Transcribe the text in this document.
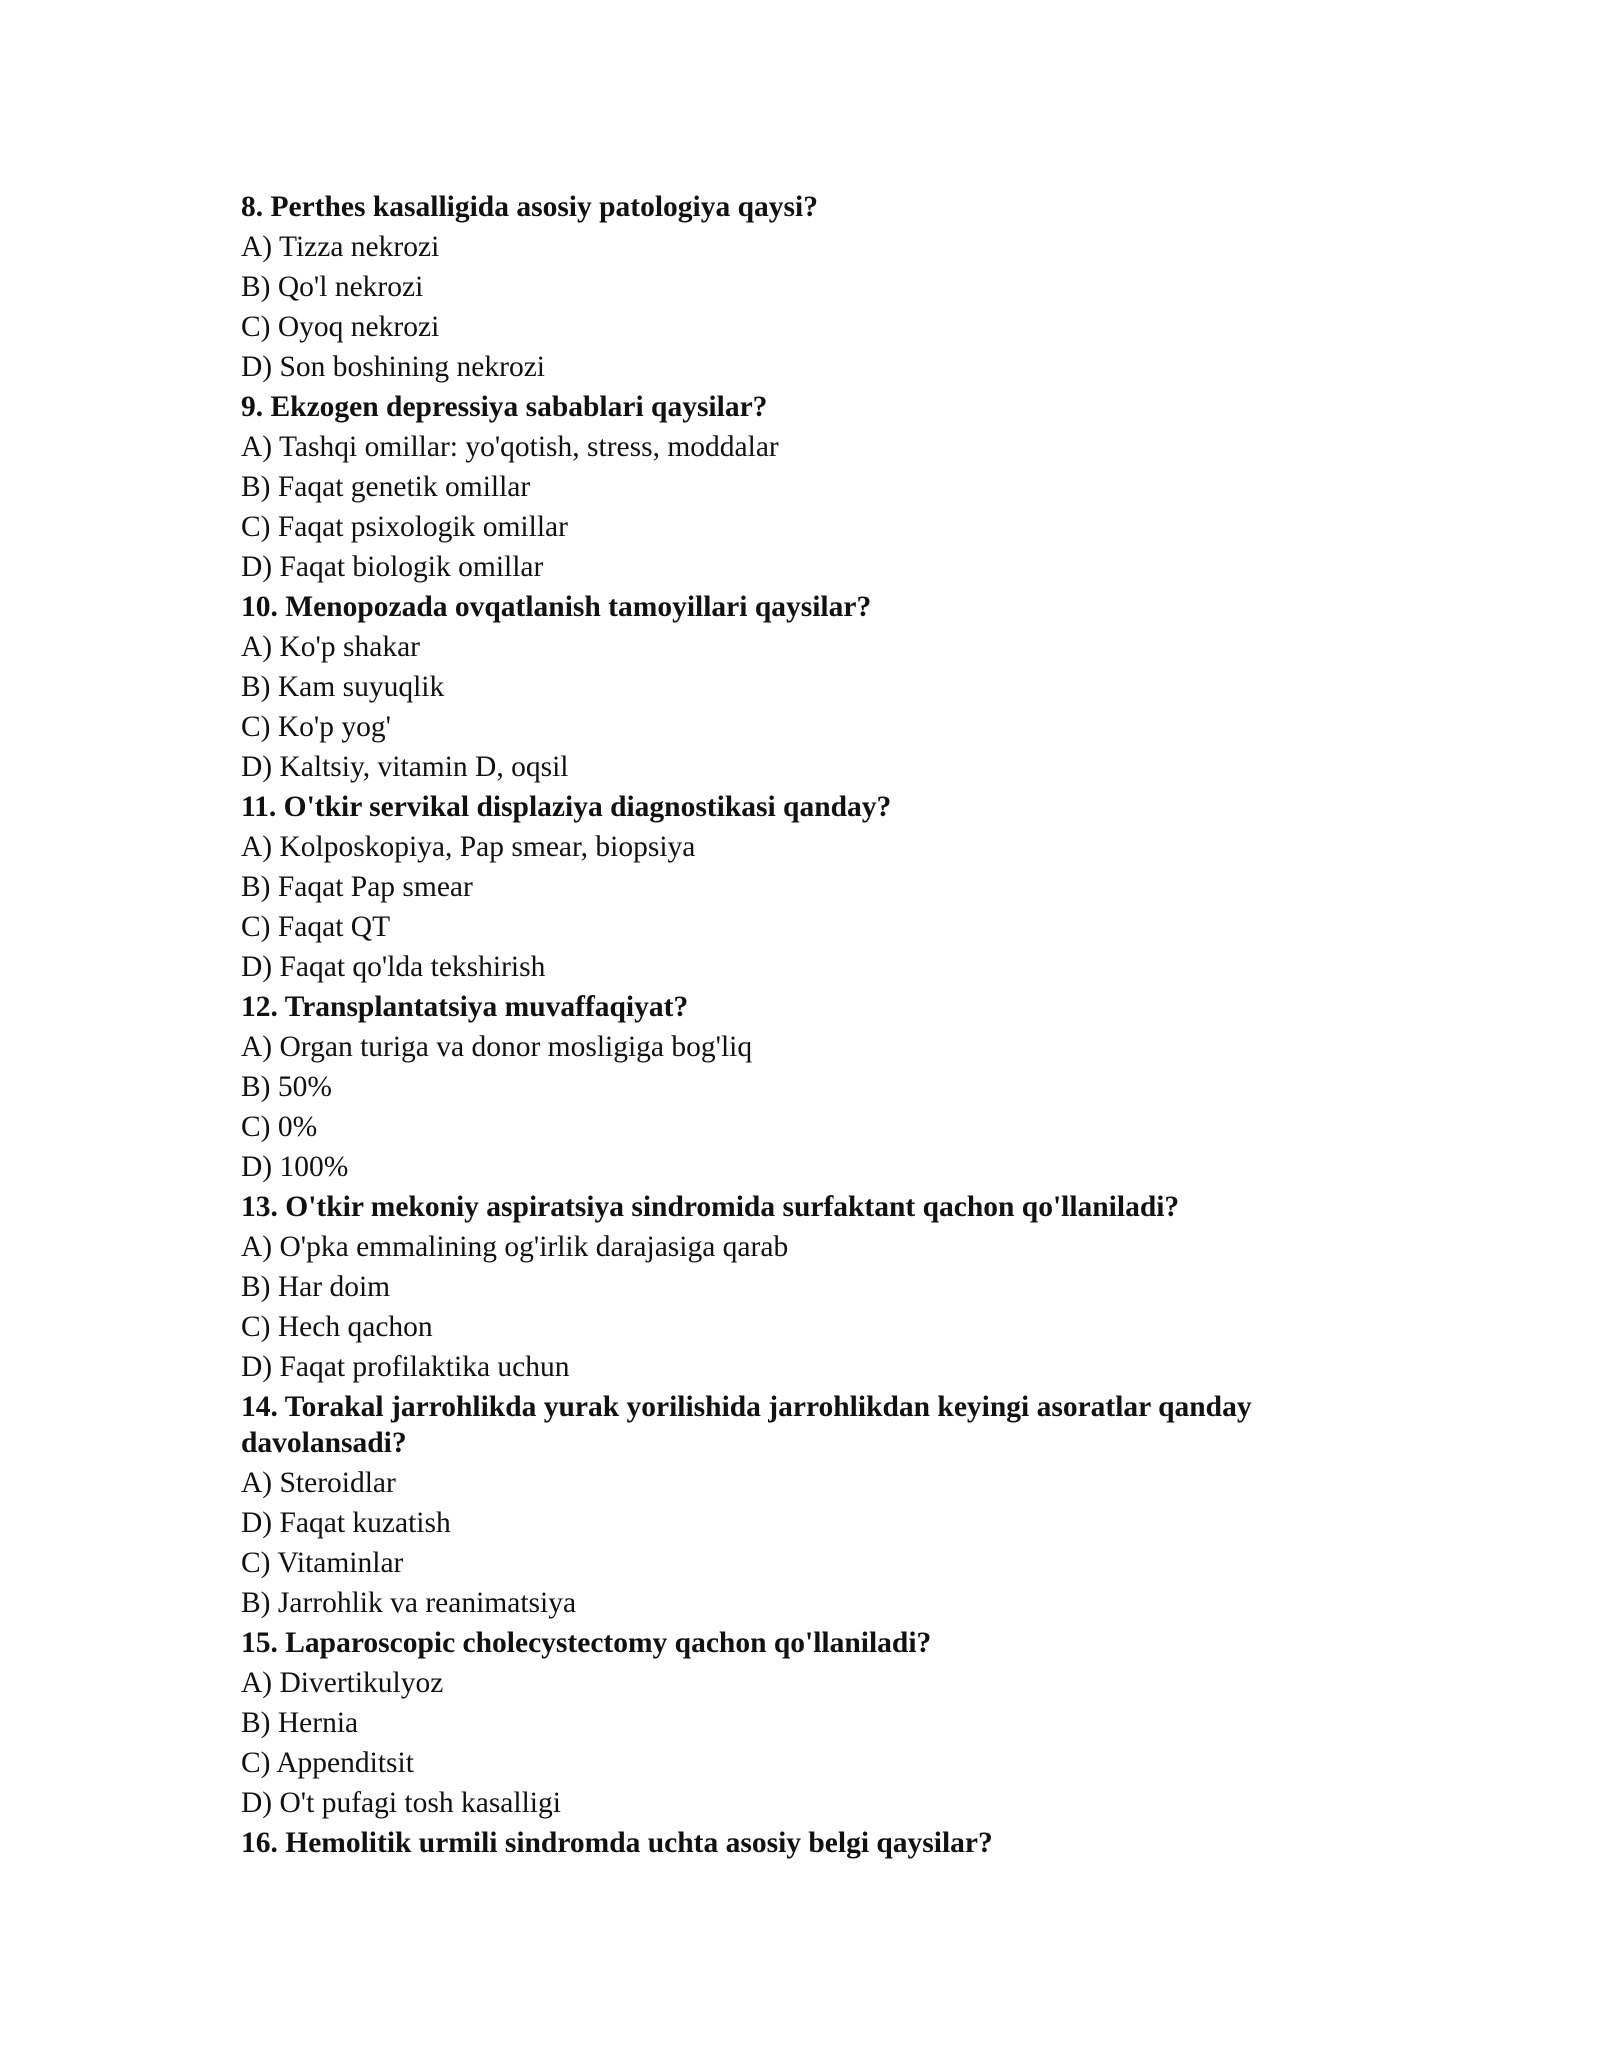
8. Perthes kasalligida asosiy patologiya qaysi?

A) Tizza nekrozi

B) Qo'l nekrozi

C) Oyoq nekrozi

D) Son boshining nekrozi

9. Ekzogen depressiya sabablari qaysilar?

A) Tashqi omillar: yo'qotish, stress, moddalar

B) Faqat genetik omillar

C) Faqat psixologik omillar

D) Faqat biologik omillar

10. Menopozada ovqatlanish tamoyillari qaysilar?

A) Ko'p shakar

B) Kam suyuqlik

C) Ko'p yog'

D) Kaltsiy, vitamin D, oqsil

11. O'tkir servikal displaziya diagnostikasi qanday?

A) Kolposkopiya, Pap smear, biopsiya

B) Faqat Pap smear

C) Faqat QT

D) Faqat qo'lda tekshirish

12. Transplantatsiya muvaffaqiyat?

A) Organ turiga va donor mosligiga bog'liq

B) 50%

C) 0%

D) 100%

13. O'tkir mekoniy aspiratsiya sindromida surfaktant qachon qo'llaniladi?

A) O'pka emmalining og'irlik darajasiga qarab

B) Har doim

C) Hech qachon

D) Faqat profilaktika uchun

14. Torakal jarrohlikda yurak yorilishida jarrohlikdan keyingi asoratlar qanday davolansadi?

A) Steroidlar

D) Faqat kuzatish

C) Vitaminlar

B) Jarrohlik va reanimatsiya

15. Laparoscopic cholecystectomy qachon qo'llaniladi?

A) Divertikulyoz

B) Hernia

C) Appenditsit

D) O't pufagi tosh kasalligi

16. Hemolitik urmili sindromda uchta asosiy belgi qaysilar?
